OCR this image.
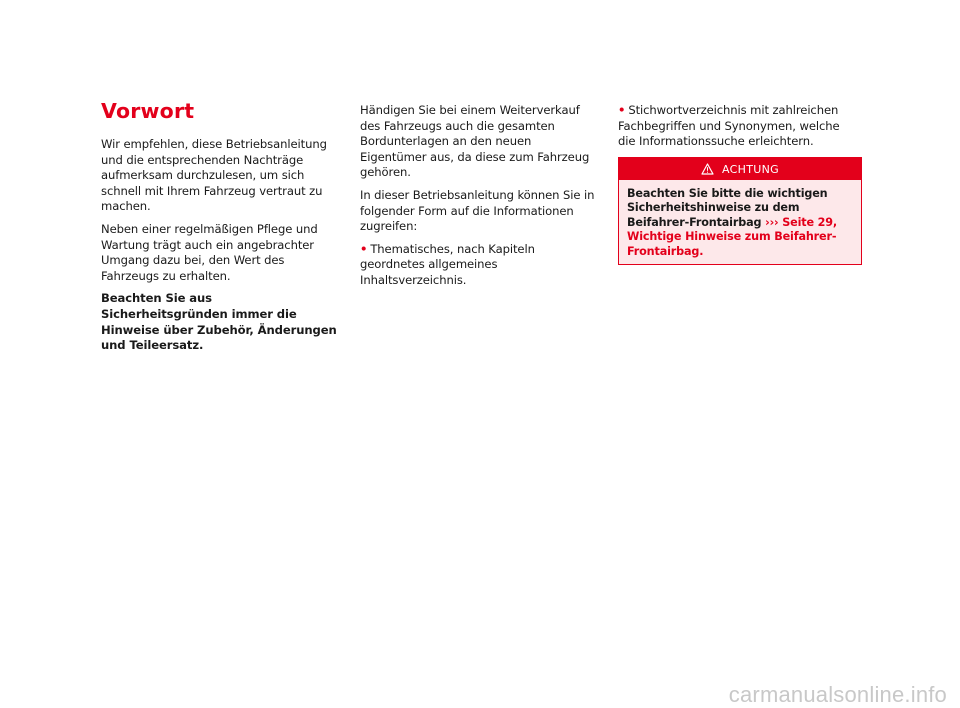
Vorwort

Wir empfehlen, diese Betriebsanleitung und die entsprechenden Nachträge aufmerksam durchzulesen, um sich schnell mit Ihrem Fahrzeug vertraut zu machen.

Neben einer regelmäßigen Pflege und Wartung trägt auch ein angebrachter Umgang dazu bei, den Wert des Fahrzeugs zu erhalten.

Beachten Sie aus Sicherheitsgründen immer die Hinweise über Zubehör, Änderungen und Teileersatz.

Händigen Sie bei einem Weiterverkauf des Fahrzeugs auch die gesamten Bordunterlagen an den neuen Eigentümer aus, da diese zum Fahrzeug gehören.

In dieser Betriebsanleitung können Sie in folgender Form auf die Informationen zugreifen:

• Thematisches, nach Kapiteln geordnetes allgemeines Inhaltsverzeichnis.

• Stichwortverzeichnis mit zahlreichen Fachbegriffen und Synonymen, welche die Informationssuche erleichtern.

ACHTUNG
Beachten Sie bitte die wichtigen Sicherheitshinweise zu dem Beifahrer-Frontairbag ››› Seite 29, Wichtige Hinweise zum Beifahrer-Frontairbag.
carmanualsonline.info
